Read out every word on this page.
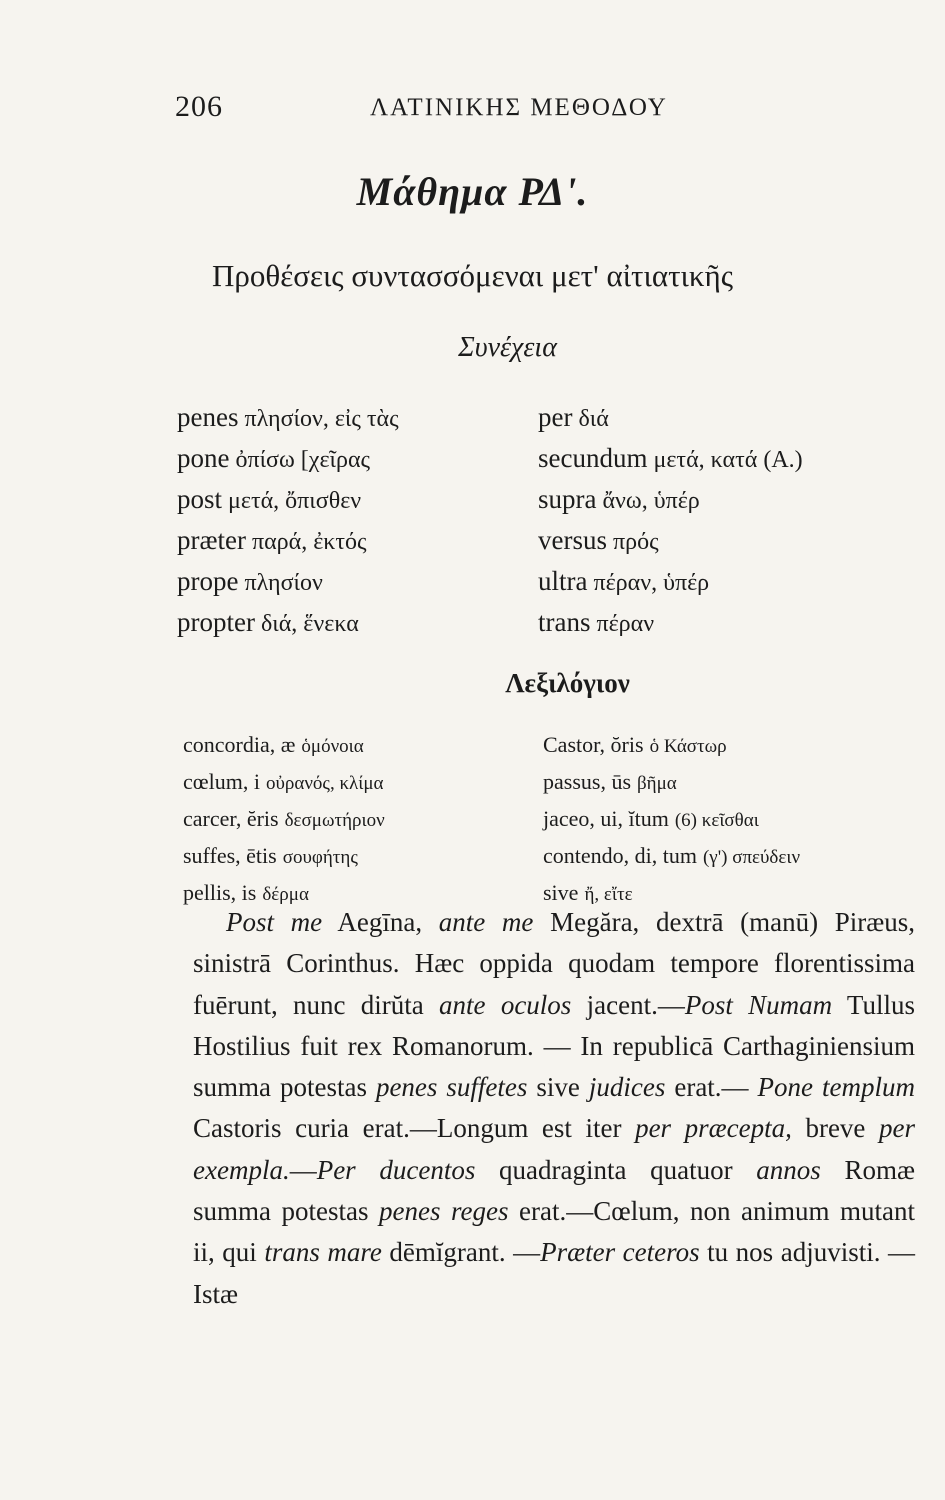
206	ΛΑΤΙΝΙΚΗΣ ΜΕΘΟΔΟΥ
Μάθημα ΡΔ'.
Προθέσεις συντασσόμεναι μετ' αἰτιατικῆς
Συνέχεια
penes πλησίον, εἰς τὰς
pone ὀπίσω [χεῖρας
post μετά, ὄπισθεν
præter παρά, ἐκτός
prope πλησίον
propter διά, ἕνεκα
per διά
secundum μετά, κατά (Α.)
supra ἄνω, ὑπέρ
versus πρός
ultra πέραν, ὑπέρ
trans πέραν
Λεξιλόγιον
concordia, æ ὁμόνοια
cœlum, i οὐρανός, κλίμα
carcer, ĕris δεσμωτήριον
suffes, ētis σουφήτης
pellis, is δέρμα
Castor, ŏris ὁ Κάστωρ
passus, ūs βῆμα
jaceo, ui, ĭtum (6) κεῖσθαι
contendo, di, tum (γ') σπεύδειν
sive ἤ, εἴτε

Post me Aegīna, ante me Megăra, dextrā (manū) Piræus, sinistrā Corinthus. Hæc oppida quodam tempore florentissima fuērunt, nunc dirŭta ante oculos jacent.—Post Numam Tullus Hostilius fuit rex Romanorum. — In republicā Carthaginiensium summa potestas penes suffetes sive judices erat.— Pone templum Castoris curia erat.—Longum est iter per præcepta, breve per exempla.—Per ducentos quadraginta quatuor annos Romæ summa potestas penes reges erat.—Cœlum, non animum mutant ii, qui trans mare dēmĭgrant. —Præter ceteros tu nos adjuvisti. — Istæ
